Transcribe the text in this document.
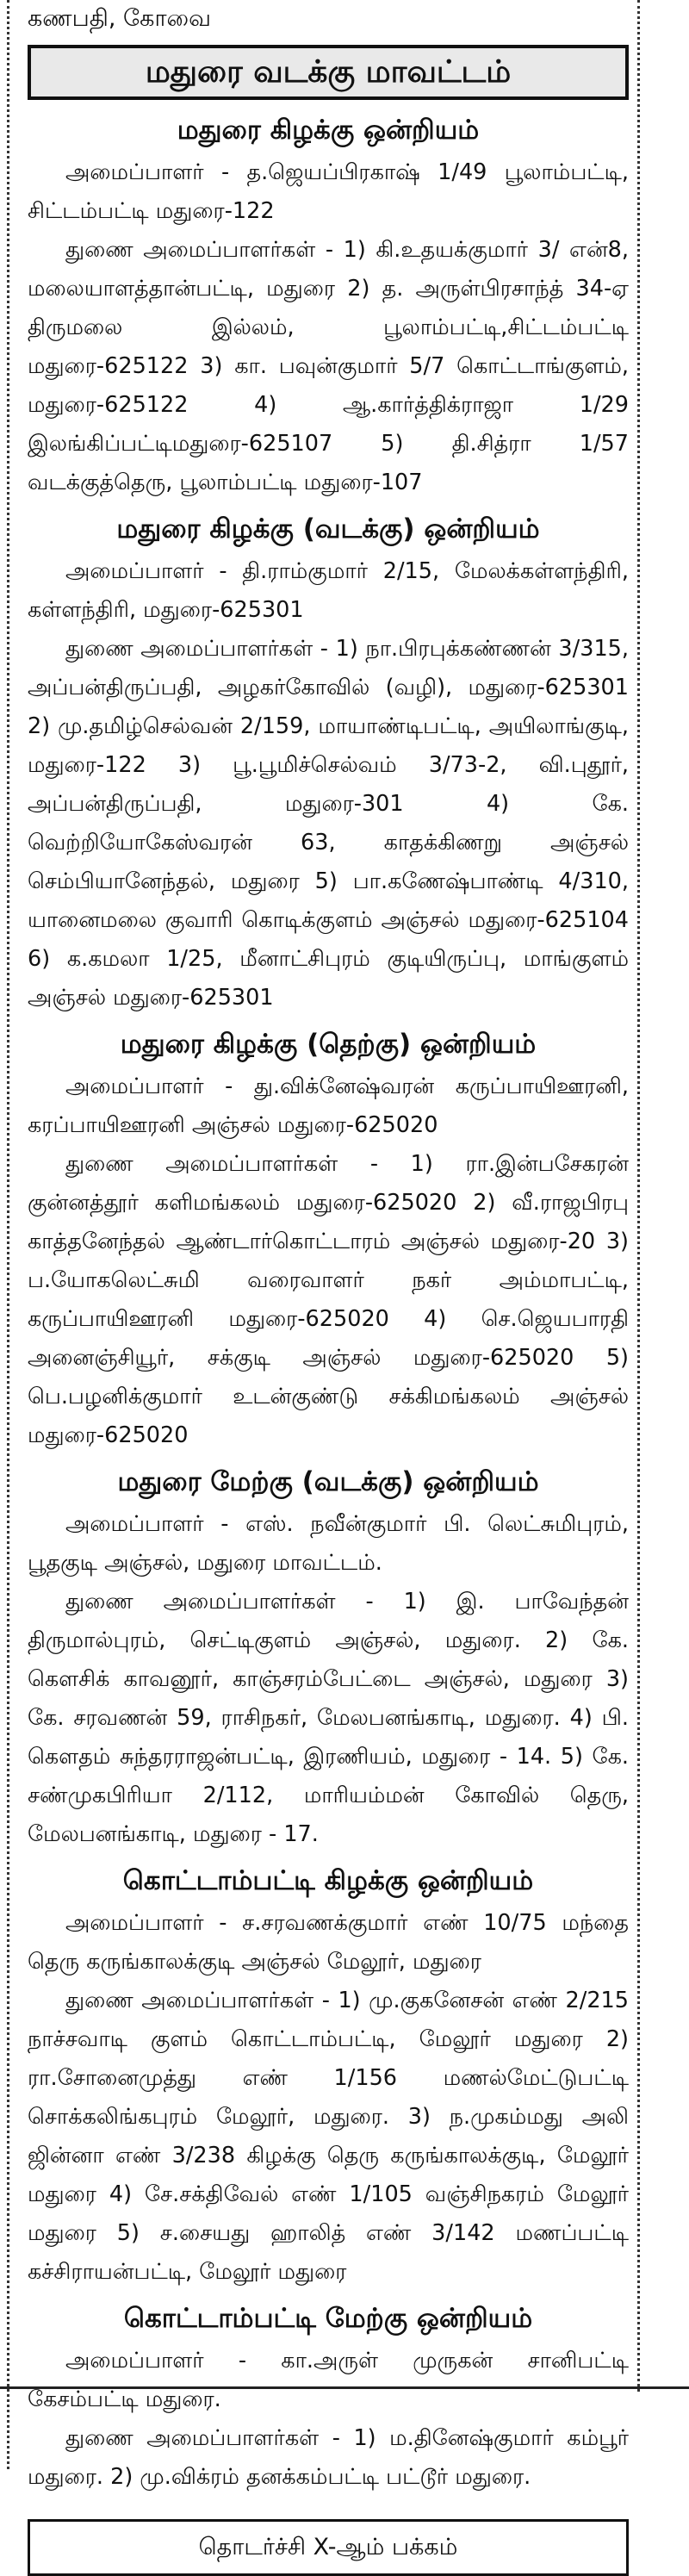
கணபதி, கோவை
மதுரை வடக்கு மாவட்டம்
மதுரை கிழக்கு ஒன்றியம்

அமைப்பாளர் - த.ஜெயப்பிரகாஷ் 1/49 பூலாம்பட்டி, சிட்டம்பட்டி மதுரை-122

துணை அமைப்பாளர்கள் - 1) கி.உதயக்குமார் 3/ என்8, மலையாளத்தான்பட்டி, மதுரை 2) த. அருள்பிரசாந்த் 34-ஏ திருமலை இல்லம், பூலாம்பட்டி,சிட்டம்பட்டி மதுரை-625122 3) கா. பவுன்குமார் 5/7 கொட்டாங்குளம், மதுரை-625122 4) ஆ.கார்த்திக்ராஜா 1/29 இலங்கிப்பட்டிமதுரை-625107 5) தி.சித்ரா 1/57 வடக்குத்தெரு, பூலாம்பட்டி மதுரை-107

மதுரை கிழக்கு (வடக்கு) ஒன்றியம்

அமைப்பாளர் - தி.ராம்குமார் 2/15, மேலக்கள்ளந்திரி, கள்ளந்திரி, மதுரை-625301

துணை அமைப்பாளர்கள் - 1) நா.பிரபுக்கண்ணன் 3/315, அப்பன்திருப்பதி, அழகர்கோவில் (வழி), மதுரை-625301 2) மு.தமிழ்செல்வன் 2/159, மாயாண்டிபட்டி, அயிலாங்குடி, மதுரை-122 3) பூ.பூமிச்செல்வம் 3/73-2, வி.புதூர், அப்பன்திருப்பதி, மதுரை-301 4) கே. வெற்றியோகேஸ்வரன் 63, காதக்கிணறு அஞ்சல் செம்பியானேந்தல், மதுரை 5) பா.கணேஷ்பாண்டி 4/310, யானைமலை குவாரி கொடிக்குளம் அஞ்சல் மதுரை-625104 6) க.கமலா 1/25, மீனாட்சிபுரம் குடியிருப்பு, மாங்குளம் அஞ்சல் மதுரை-625301

மதுரை கிழக்கு (தெற்கு) ஒன்றியம்

அமைப்பாளர் - து.விக்னேஷ்வரன் கருப்பாயிஊரனி, கரப்பாயிஊரனி அஞ்சல் மதுரை-625020

துணை அமைப்பாளர்கள் - 1) ரா.இன்பசேகரன் குன்னத்தூர் களிமங்கலம் மதுரை-625020 2) வீ.ராஜபிரபு காத்தனேந்தல் ஆண்டார்கொட்டாரம் அஞ்சல் மதுரை-20 3) ப.யோகலெட்சுமி வரைவாளர் நகர் அம்மாபட்டி, கருப்பாயிஊரனி மதுரை-625020 4) செ.ஜெயபாரதி அனைஞ்சியூர், சக்குடி அஞ்சல் மதுரை-625020 5) பெ.பழனிக்குமார் உடன்குண்டு சக்கிமங்கலம் அஞ்சல் மதுரை-625020

மதுரை மேற்கு (வடக்கு) ஒன்றியம்

அமைப்பாளர் - எஸ். நவீன்குமார் பி. லெட்சுமிபுரம், பூதகுடி அஞ்சல், மதுரை மாவட்டம்.

துணை அமைப்பாளர்கள் - 1) இ. பாவேந்தன் திருமால்புரம், செட்டிகுளம் அஞ்சல், மதுரை. 2) கே. கௌசிக் காவனூர், காஞ்சரம்பேட்டை அஞ்சல், மதுரை 3) கே. சரவணன் 59, ராசிநகர், மேலபனங்காடி, மதுரை. 4) பி. கௌதம் சுந்தரராஜன்பட்டி, இரணியம், மதுரை - 14. 5) கே. சண்முகபிரியா 2/112, மாரியம்மன் கோவில் தெரு, மேலபனங்காடி, மதுரை - 17.

கொட்டாம்பட்டி கிழக்கு ஒன்றியம்

அமைப்பாளர் - ச.சரவணக்குமார் எண் 10/75 மந்தை தெரு கருங்காலக்குடி அஞ்சல் மேலூர், மதுரை

துணை அமைப்பாளர்கள் - 1) மு.குகனேசன் எண் 2/215 நாச்சவாடி குளம் கொட்டாம்பட்டி, மேலூர் மதுரை 2) ரா.சோனைமுத்து எண் 1/156 மணல்மேட்டுபட்டி சொக்கலிங்கபுரம் மேலூர், மதுரை. 3) ந.முகம்மது அலி ஜின்னா எண் 3/238 கிழக்கு தெரு கருங்காலக்குடி, மேலூர் மதுரை 4) சே.சக்திவேல் எண் 1/105 வஞ்சிநகரம் மேலூர் மதுரை 5) ச.சையது ஹாலித் எண் 3/142 மணப்பட்டி கச்சிராயன்பட்டி, மேலூர் மதுரை

கொட்டாம்பட்டி மேற்கு ஒன்றியம்

அமைப்பாளர் - கா.அருள் முருகன் சானிபட்டி கேசம்பட்டி மதுரை.

துணை அமைப்பாளர்கள் - 1) ம.தினேஷ்குமார் கம்பூர் மதுரை. 2) மு.விக்ரம் தனக்கம்பட்டி பட்டூர் மதுரை.

தொடர்ச்சி X-ஆம் பக்கம்
